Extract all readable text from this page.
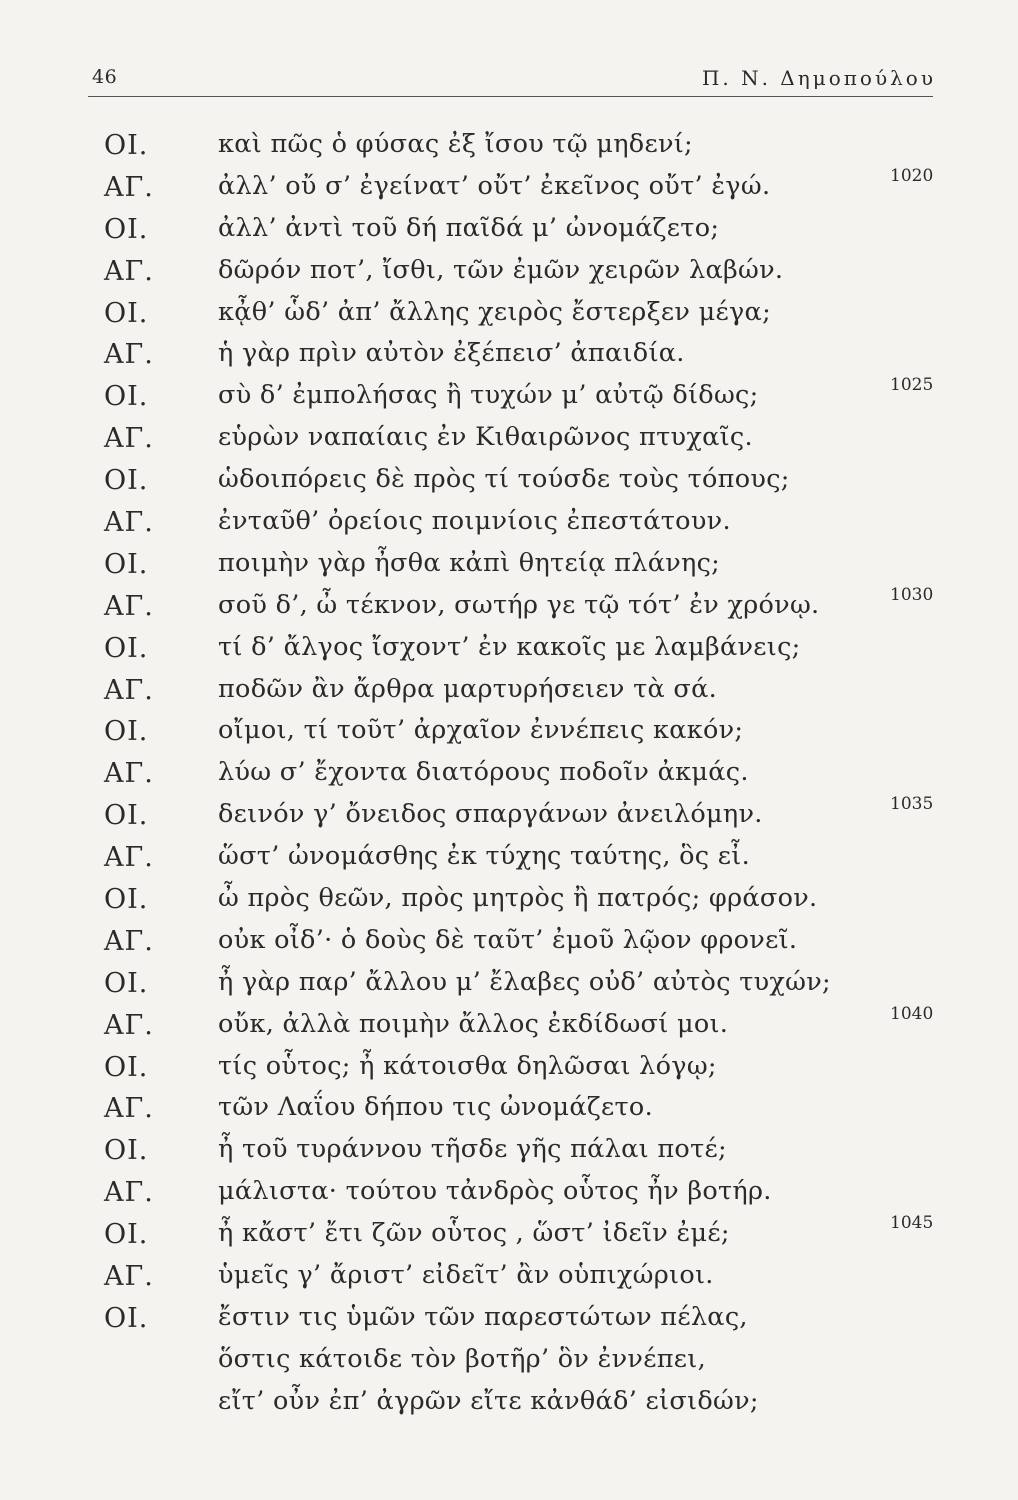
46	Π. Ν. Δημοπούλου
ΟΙ.	καὶ πῶς ὁ φύσας ἐξ ἴσου τῷ μηδενί;
ΑΓ.	ἀλλ’ οὔ σ’ ἐγείνατ’ οὔτ’ ἐκεῖνος οὔτ’ ἐγώ.	1020
ΟΙ.	ἀλλ’ ἀντὶ τοῦ δή παῖδά μ’ ὠνομάζετο;
ΑΓ.	δῶρόν ποτ’, ἴσθι, τῶν ἐμῶν χειρῶν λαβών.
ΟΙ.	κᾆθ’ ὧδ’ ἀπ’ ἄλλης χειρὸς ἔστερξεν μέγα;
ΑΓ.	ἡ γὰρ πρὶν αὐτὸν ἐξέπεισ’ ἀπαιδία.
ΟΙ.	σὺ δ’ ἐμπολήσας ἢ τυχών μ’ αὐτῷ δίδως;	1025
ΑΓ.	εὑρὼν ναπαίαις ἐν Κιθαιρῶνος πτυχαῖς.
ΟΙ.	ὡδοιπόρεις δὲ πρὸς τί τούσδε τοὺς τόπους;
ΑΓ.	ἐνταῦθ’ ὀρείοις ποιμνίοις ἐπεστάτουν.
ΟΙ.	ποιμὴν γὰρ ἦσθα κἀπὶ θητείᾳ πλάνης;
ΑΓ.	σοῦ δ’, ὦ τέκνον, σωτήρ γε τῷ τότ’ ἐν χρόνῳ.	1030
ΟΙ.	τί δ’ ἄλγος ἴσχοντ’ ἐν κακοῖς με λαμβάνεις;
ΑΓ.	ποδῶν ἂν ἄρθρα μαρτυρήσειεν τὰ σά.
ΟΙ.	οἴμοι, τί τοῦτ’ ἀρχαῖον ἐννέπεις κακόν;
ΑΓ.	λύω σ’ ἔχοντα διατόρους ποδοῖν ἀκμάς.
ΟΙ.	δεινόν γ’ ὄνειδος σπαργάνων ἀνειλόμην.	1035
ΑΓ.	ὥστ’ ὠνομάσθης ἐκ τύχης ταύτης, ὃς εἶ.
ΟΙ.	ὦ πρὸς θεῶν, πρὸς μητρὸς ἢ πατρός; φράσον.
ΑΓ.	οὐκ οἶδ’· ὁ δοὺς δὲ ταῦτ’ ἐμοῦ λῷον φρονεῖ.
ΟΙ.	ἦ γὰρ παρ’ ἄλλου μ’ ἔλαβες οὐδ’ αὐτὸς τυχών;
ΑΓ.	οὔκ, ἀλλὰ ποιμὴν ἄλλος ἐκδίδωσί μοι.	1040
ΟΙ.	τίς οὗτος; ἦ κάτοισθα δηλῶσαι λόγῳ;
ΑΓ.	τῶν Λαΐου δήπου τις ὠνομάζετο.
ΟΙ.	ἦ τοῦ τυράννου τῆσδε γῆς πάλαι ποτέ;
ΑΓ.	μάλιστα· τούτου τἀνδρὸς οὗτος ἦν βοτήρ.
ΟΙ.	ἦ κἄστ’ ἔτι ζῶν οὗτος , ὥστ’ ἰδεῖν ἐμέ;	1045
ΑΓ.	ὑμεῖς γ’ ἄριστ’ εἰδεῖτ’ ἂν οὑπιχώριοι.
ΟΙ.	ἔστιν τις ὑμῶν τῶν παρεστώτων πέλας,
ὅστις κάτοιδε τὸν βοτῆρ’ ὃν ἐννέπει,
εἴτ’ οὖν ἐπ’ ἀγρῶν εἴτε κἀνθάδ’ εἰσιδών;
